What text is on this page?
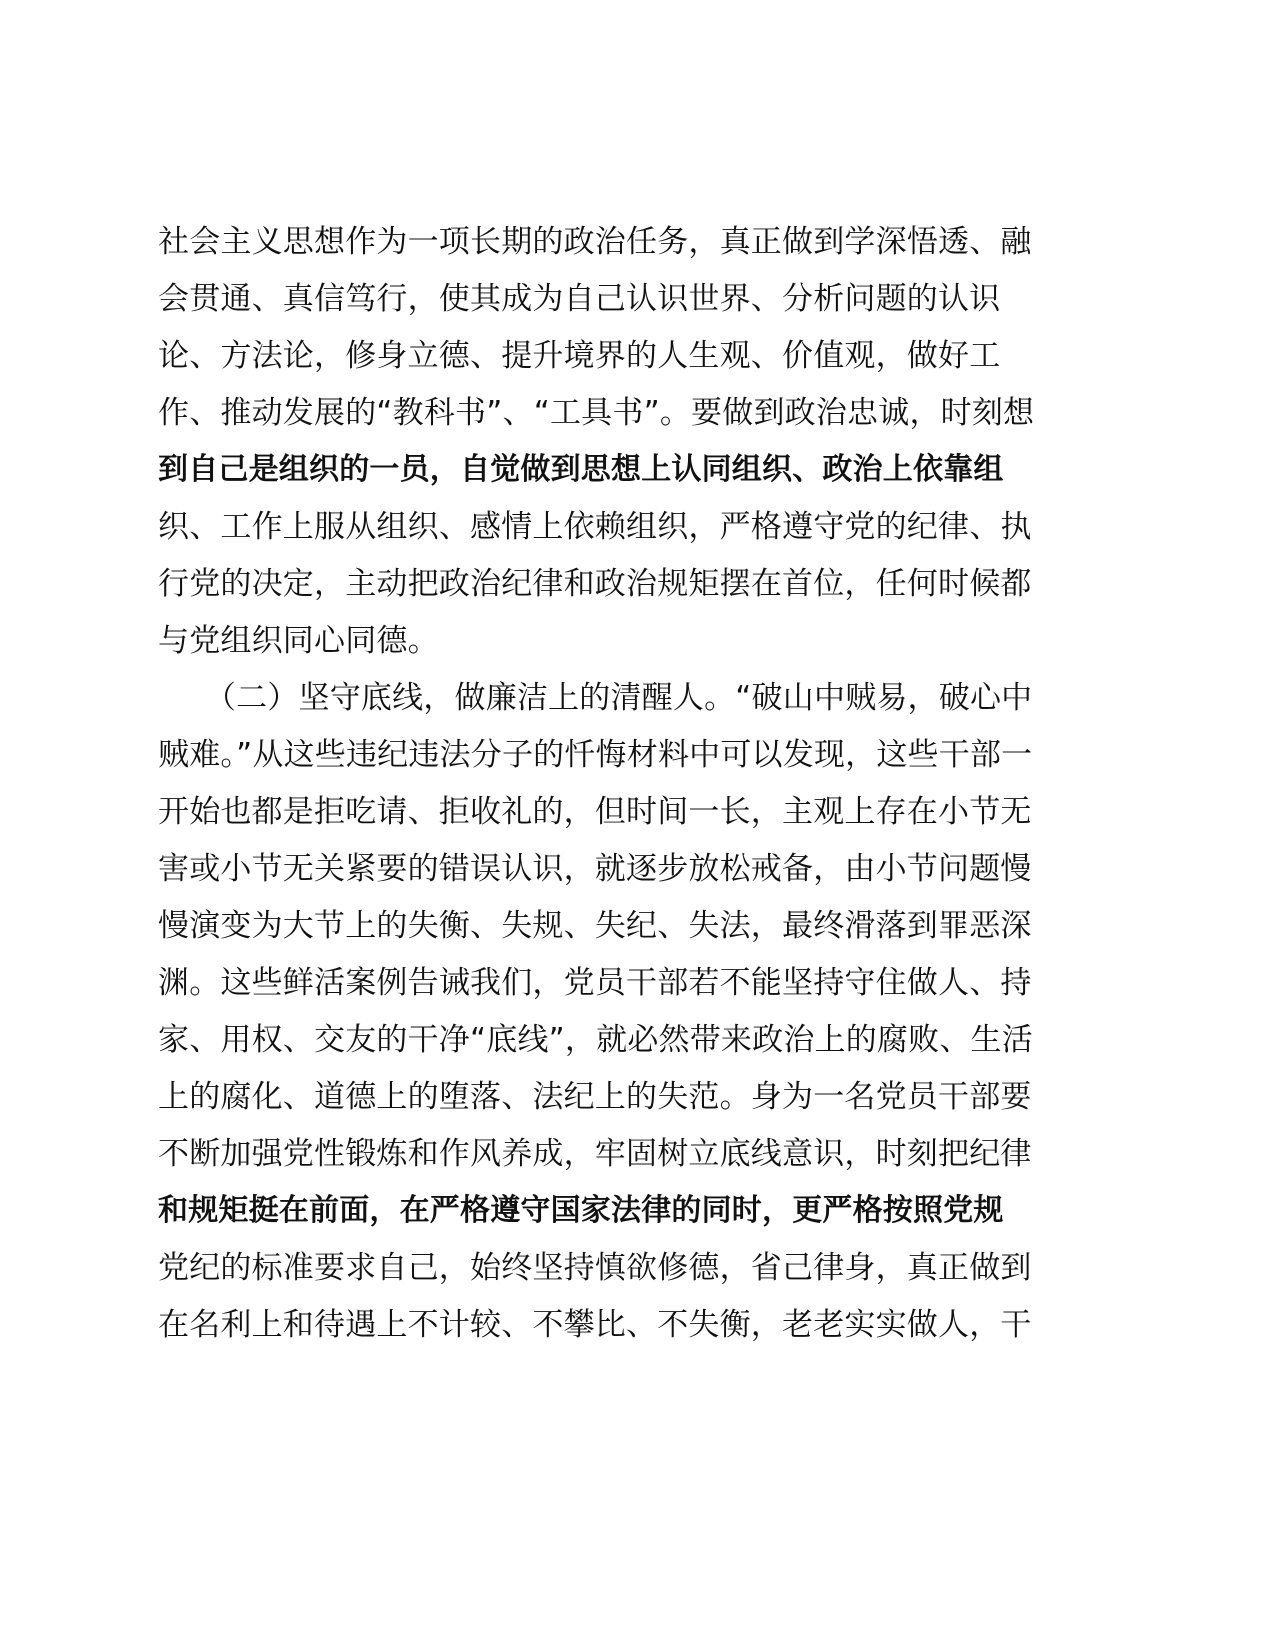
社会主义思想作为一项长期的政治任务，真正做到学深悟透、融
会贯通、真信笃行，使其成为自己认识世界、分析问题的认识
论、方法论，修身立德、提升境界的人生观、价值观，做好工
作、推动发展的“教科书”、“工具书”。要做到政治忠诚，时刻想
到自己是组织的一员，自觉做到思想上认同组织、政治上依靠组
织、工作上服从组织、感情上依赖组织，严格遵守党的纪律、执
行党的决定，主动把政治纪律和政治规矩摆在首位，任何时候都
与党组织同心同德。
　　（二）坚守底线，做廉洁上的清醒人。“破山中贼易，破心中
贼难。”从这些违纪违法分子的忏悔材料中可以发现，这些干部一
开始也都是拒吃请、拒收礼的，但时间一长，主观上存在小节无
害或小节无关紧要的错误认识，就逐步放松戒备，由小节问题慢
慢演变为大节上的失衡、失规、失纪、失法，最终滑落到罪恶深
渊。这些鲜活案例告诫我们，党员干部若不能坚持守住做人、持
家、用权、交友的干净“底线”，就必然带来政治上的腐败、生活
上的腐化、道德上的堕落、法纪上的失范。身为一名党员干部要
不断加强党性锻炼和作风养成，牢固树立底线意识，时刻把纪律
和规矩挺在前面，在严格遵守国家法律的同时，更严格按照党规
党纪的标准要求自己，始终坚持慎欲修德，省己律身，真正做到
在名利上和待遇上不计较、不攀比、不失衡，老老实实做人，干
